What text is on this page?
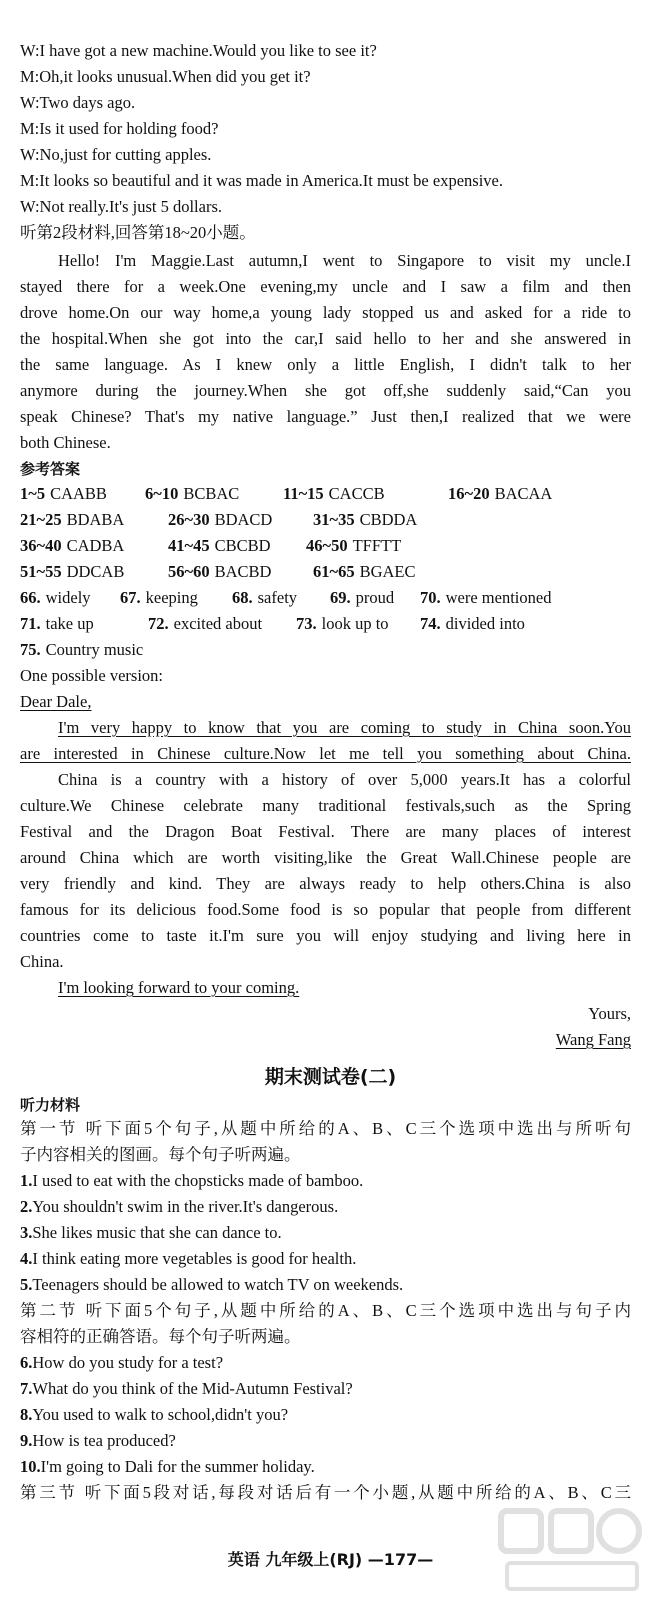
W:I have got a new machine.Would you like to see it?
M:Oh,it looks unusual.When did you get it?
W:Two days ago.
M:Is it used for holding food?
W:No,just for cutting apples.
M:It looks so beautiful and it was made in America.It must be expensive.
W:Not really.It's just 5 dollars.
听第2段材料,回答第18~20小题。
Hello! I'm Maggie.Last autumn,I went to Singapore to visit my uncle.I
stayed there for a week.One evening,my uncle and I saw a film and then
drove home.On our way home,a young lady stopped us and asked for a ride to
the hospital.When she got into the car,I said hello to her and she answered in
the same language. As I knew only a little English, I didn't talk to her
anymore during the journey.When she got off,she suddenly said,“Can you
speak Chinese? That's my native language.” Just then,I realized that we were
both Chinese.
参考答案
1~5 CAABB 6~10 BCBAC	11~15 CACCB	16~20 BACAA
21~25 BDABA	26~30 BDACD 31~35 CBDDA
36~40 CADBA	41~45 CBCBD 46~50 TFFTT
51~55 DDCAB	56~60 BACBD	61~65 BGAEC
66. widely 67. keeping 68. safety 69. proud 70. were mentioned
71. take up	72. excited about 73. look up to 74. divided into
75. Country music
One possible version:
Dear Dale,
I'm very happy to know that you are coming to study in China soon.You
are interested in Chinese culture.Now let me tell you something about China.
China is a country with a history of over 5,000 years.It has a colorful
culture.We Chinese celebrate many traditional festivals,such as the Spring
Festival and the Dragon Boat Festival. There are many places of interest
around China which are worth visiting,like the Great Wall.Chinese people are
very friendly and kind. They are always ready to help others.China is also
famous for its delicious food.Some food is so popular that people from different
countries come to taste it.I'm sure you will enjoy studying and living here in
China.
I'm looking forward to your coming.
Yours,
Wang Fang
期末测试卷(二)
听力材料
第一节 听下面5个句子,从题中所给的A、B、C三个选项中选出与所听句
子内容相关的图画。每个句子听两遍。
1.I used to eat with the chopsticks made of bamboo.
2.You shouldn't swim in the river.It's dangerous.
3.She likes music that she can dance to.
4.I think eating more vegetables is good for health.
5.Teenagers should be allowed to watch TV on weekends.
第二节 听下面5个句子,从题中所给的A、B、C三个选项中选出与句子内
容相符的正确答语。每个句子听两遍。
6.How do you study for a test?
7.What do you think of the Mid-Autumn Festival?
8.You used to walk to school,didn't you?
9.How is tea produced?
10.I'm going to Dali for the summer holiday.
第三节 听下面5段对话,每段对话后有一个小题,从题中所给的A、B、C三
英语 九年级上(RJ) —177—
